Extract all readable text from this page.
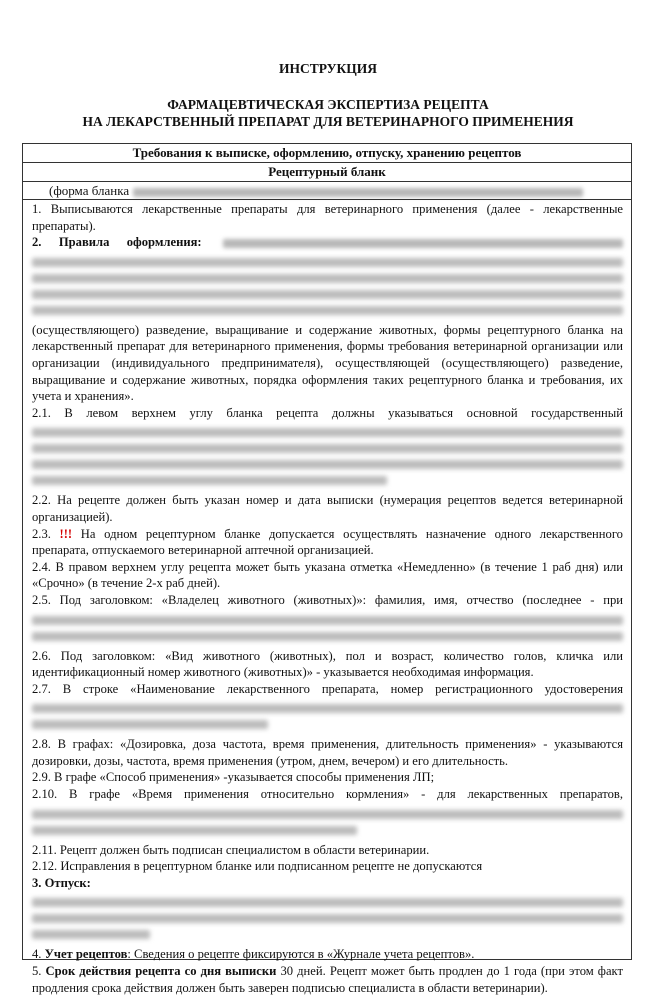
ИНСТРУКЦИЯ
ФАРМАЦЕВТИЧЕСКАЯ ЭКСПЕРТИЗА РЕЦЕПТА
НА ЛЕКАРСТВЕННЫЙ ПРЕПАРАТ ДЛЯ ВЕТЕРИНАРНОГО ПРИМЕНЕНИЯ
Требования к выписке, оформлению, отпуску, хранению рецептов
Рецептурный бланк
(форма бланка

1. Выписываются лекарственные препараты для ветеринарного применения (далее - лекарственные препараты).

2. Правила оформления:

(осуществляющего) разведение, выращивание и содержание животных, формы рецептурного бланка на лекарственный препарат для ветеринарного применения, формы требования ветеринарной организации или организации (индивидуального предпринимателя), осуществляющей (осуществляющего) разведение, выращивание и содержание животных, порядка оформления таких рецептурного бланка и требования, их учета и хранения».

2.1. В левом верхнем углу бланка рецепта должны указываться основной государственный

2.2. На рецепте должен быть указан номер и дата выписки (нумерация рецептов ведется ветеринарной организацией).

2.3. !!! На одном рецептурном бланке допускается осуществлять назначение одного лекарственного препарата, отпускаемого ветеринарной аптечной организацией.

2.4. В правом верхнем углу рецепта может быть указана отметка «Немедленно» (в течение 1 раб дня) или «Срочно» (в течение 2-х раб дней).

2.5. Под заголовком: «Владелец животного (животных)»: фамилия, имя, отчество (последнее - при

2.6. Под заголовком: «Вид животного (животных), пол и возраст, количество голов, кличка или идентификационный номер животного (животных)» - указывается необходимая информация.

2.7. В строке «Наименование лекарственного препарата, номер регистрационного удостоверения

2.8. В графах: «Дозировка, доза частота, время применения, длительность применения» - указываются дозировки, дозы, частота, время применения (утром, днем, вечером) и его длительность.

2.9. В графе «Способ применения» -указывается способы применения ЛП;

2.10. В графе «Время применения относительно кормления» - для лекарственных препаратов,

2.11. Рецепт должен быть подписан специалистом в области ветеринарии.

2.12. Исправления в рецептурном бланке или подписанном рецепте не допускаются

3. Отпуск:

4. Учет рецептов: Сведения о рецепте фиксируются в «Журнале учета рецептов».

5. Срок действия рецепта со дня выписки 30 дней. Рецепт может быть продлен до 1 года (при этом факт продления срока действия должен быть заверен подписью специалиста в области ветеринарии).
